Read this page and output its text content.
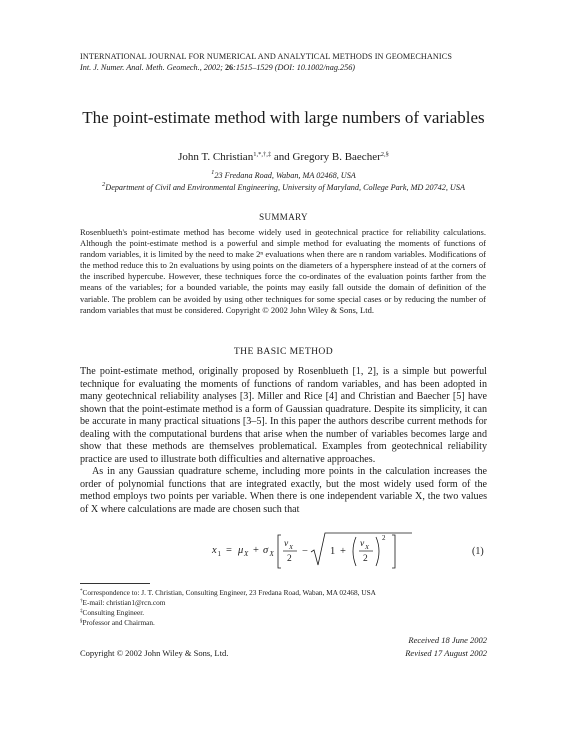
INTERNATIONAL JOURNAL FOR NUMERICAL AND ANALYTICAL METHODS IN GEOMECHANICS
Int. J. Numer. Anal. Meth. Geomech., 2002; 26:1515–1529 (DOI: 10.1002/nag.256)
The point-estimate method with large numbers of variables
John T. Christian$^{1,*,\dagger,\ddagger}$ and Gregory B. Baecher$^{2,\S}$
$^1$23 Fredana Road, Waban, MA 02468, USA
$^2$Department of Civil and Environmental Engineering, University of Maryland, College Park, MD 20742, USA
SUMMARY
Rosenblueth's point-estimate method has become widely used in geotechnical practice for reliability calculations. Although the point-estimate method is a powerful and simple method for evaluating the moments of functions of random variables, it is limited by the need to make 2ⁿ evaluations when there are n random variables. Modifications of the method reduce this to 2n evaluations by using points on the diameters of a hypersphere instead of at the corners of the inscribed hypercube. However, these techniques force the co-ordinates of the evaluation points farther from the means of the variables; for a bounded variable, the points may easily fall outside the domain of definition of the variable. The problem can be avoided by using other techniques for some special cases or by reducing the number of random variables that must be considered. Copyright © 2002 John Wiley & Sons, Ltd.
THE BASIC METHOD

The point-estimate method, originally proposed by Rosenblueth [1, 2], is a simple but powerful technique for evaluating the moments of functions of random variables, and has been adopted in many geotechnical reliability analyses [3]. Miller and Rice [4] and Christian and Baecher [5] have shown that the point-estimate method is a form of Gaussian quadrature. Despite its simplicity, it can be accurate in many practical situations [3–5]. In this paper the authors describe current methods for dealing with the computational burdens that arise when the number of variables becomes large and show that these methods are themselves problematical. Examples from geotechnical reliability practice are used to illustrate both difficulties and alternative approaches.

As in any Gaussian quadrature scheme, including more points in the calculation increases the order of polynomial functions that are integrated exactly, but the most widely used form of the method employs two points per variable. When there is one independent variable X, the two values of X where calculations are made are chosen such that

x 1 = μ X + σ X
ν X
2
− 1 +
ν X
2
2
(1)
*Correspondence to: J. T. Christian, Consulting Engineer, 23 Fredana Road, Waban, MA 02468, USA
†E-mail: christian1@rcn.com
‡Consulting Engineer.
§Professor and Chairman.
Received 18 June 2002
Copyright © 2002 John Wiley & Sons, Ltd.	Revised 17 August 2002
